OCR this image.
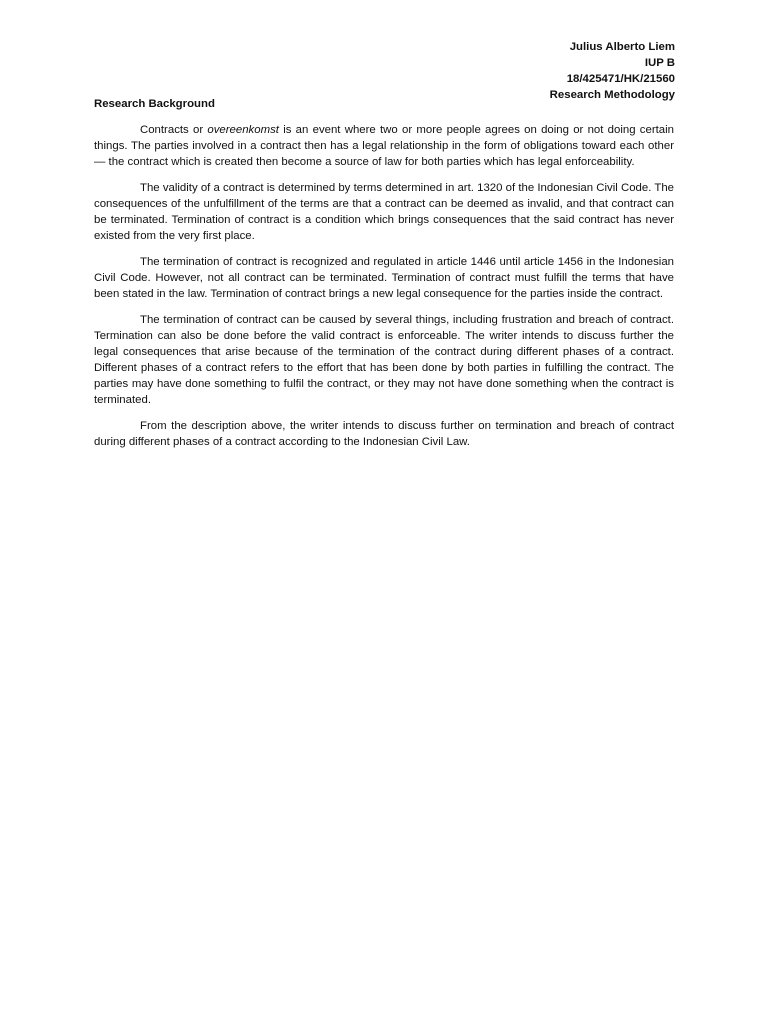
Julius Alberto Liem
IUP B
18/425471/HK/21560
Research Methodology
Research Background

Contracts or overeenkomst is an event where two or more people agrees on doing or not doing certain things. The parties involved in a contract then has a legal relationship in the form of obligations toward each other — the contract which is created then become a source of law for both parties which has legal enforceability.

The validity of a contract is determined by terms determined in art. 1320 of the Indonesian Civil Code. The consequences of the unfulfillment of the terms are that a contract can be deemed as invalid, and that contract can be terminated. Termination of contract is a condition which brings consequences that the said contract has never existed from the very first place.

The termination of contract is recognized and regulated in article 1446 until article 1456 in the Indonesian Civil Code. However, not all contract can be terminated. Termination of contract must fulfill the terms that have been stated in the law. Termination of contract brings a new legal consequence for the parties inside the contract.

The termination of contract can be caused by several things, including frustration and breach of contract. Termination can also be done before the valid contract is enforceable. The writer intends to discuss further the legal consequences that arise because of the termination of the contract during different phases of a contract. Different phases of a contract refers to the effort that has been done by both parties in fulfilling the contract. The parties may have done something to fulfil the contract, or they may not have done something when the contract is terminated.

From the description above, the writer intends to discuss further on termination and breach of contract during different phases of a contract according to the Indonesian Civil Law.
